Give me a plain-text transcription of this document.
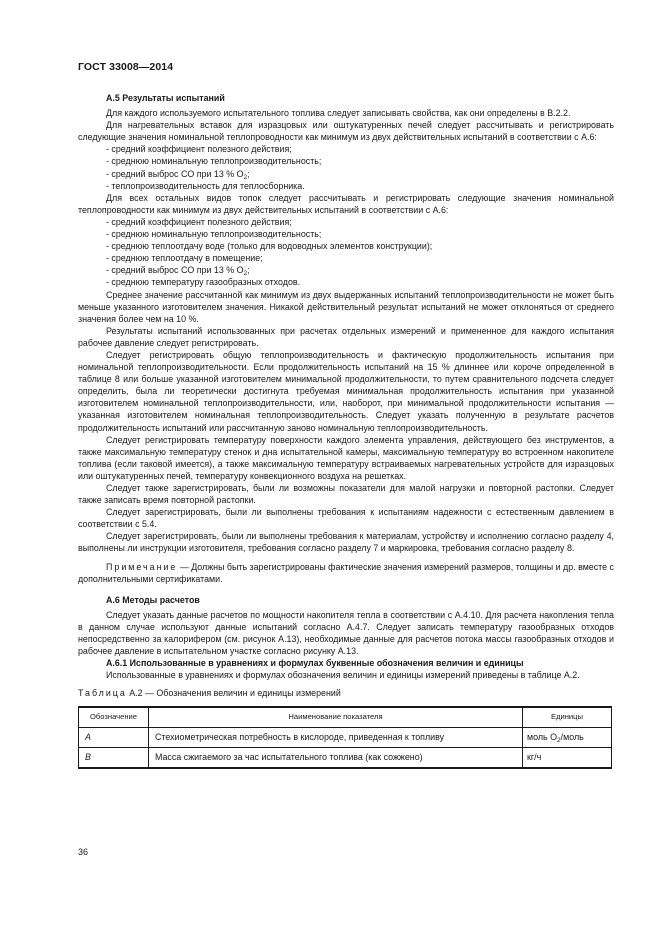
ГОСТ 33008—2014
А.5 Результаты испытаний

Для каждого используемого испытательного топлива следует записывать свойства, как они определены в В.2.2.

Для нагревательных вставок для изразцовых или оштукатуренных печей следует рассчитывать и регистрировать следующие значения номинальной теплопроводности как минимум из двух действительных испытаний в соответствии с А.6:

- средний коэффициент полезного действия;

- среднюю номинальную теплопроизводительность;

- средний выброс CO при 13 % $O_2$;

- теплопроизводительность для теплосборника.

Для всех остальных видов топок следует рассчитывать и регистрировать следующие значения номинальной теплопроводности как минимум из двух действительных испытаний в соответствии с А.6:

- средний коэффициент полезного действия;

- среднюю номинальную теплопроизводительность;

- среднюю теплоотдачу воде (только для водоводных элементов конструкции);

- среднюю теплоотдачу в помещение;

- средний выброс CO при 13 % $O_2$;

- среднюю температуру газообразных отходов.

Среднее значение рассчитанной как минимум из двух выдержанных испытаний теплопроизводительности не может быть меньше указанного изготовителем значения. Никакой действительный результат испытаний не может отклоняться от среднего значения более чем на 10 %.

Результаты испытаний использованных при расчетах отдельных измерений и примененное для каждого испытания рабочее давление следует регистрировать.

Следует регистрировать общую теплопроизводительность и фактическую продолжительность испытания при номинальной теплопроизводительности. Если продолжительность испытаний на 15 % длиннее или короче определенной в таблице 8 или больше указанной изготовителем минимальной продолжительности, то путем сравнительного подсчета следует определить, была ли теоретически достигнута требуемая минимальная продолжительность испытания при указанной изготовителем номинальной теплопроизводительности, или, наоборот, при минимальной продолжительности испытания — указанная изготовителем номинальная теплопроизводительность. Следует указать полученную в результате расчетов продолжительность испытаний или рассчитанную заново номинальную теплопроизводительность.

Следует регистрировать температуру поверхности каждого элемента управления, действующего без инструментов, а также максимальную температуру стенок и дна испытательной камеры, максимальную температуру во встроенном накопителе топлива (если таковой имеется), а также максимальную температуру встраиваемых нагревательных устройств для изразцовых или оштукатуренных печей, температуру конвекционного воздуха на решетках.

Следует также зарегистрировать, были ли возможны показатели для малой нагрузки и повторной растопки. Следует также записать время повторной растопки.

Следует зарегистрировать, были ли выполнены требования к испытаниям надежности с естественным давлением в соответствии с 5.4.

Следует зарегистрировать, были ли выполнены требования к материалам, устройству и исполнению согласно разделу 4, выполнены ли инструкции изготовителя, требования согласно разделу 7 и маркировка, требования согласно разделу 8.

Примечание — Должны быть зарегистрированы фактические значения измерений размеров, толщины и др. вместе с дополнительными сертификатами.

А.6 Методы расчетов

Следует указать данные расчетов по мощности накопителя тепла в соответствии с А.4.10. Для расчета накопления тепла в данном случае используют данные испытаний согласно А.4.7. Следует записать температуру газообразных отходов непосредственно за калорифером (см. рисунок А.13), необходимые данные для расчетов потока массы газообразных отходов и рабочее давление в испытательном участке согласно рисунку А.13.

А.6.1 Использованные в уравнениях и формулах буквенные обозначения величин и единицы

Использованные в уравнениях и формулах обозначения величин и единицы измерений приведены в таблице А.2.

Таблица А.2 — Обозначения величин и единицы измерений
Обозначение	Наименование показателя	Единицы
A	Стехиометрическая потребность в кислороде, приведенная к топливу	моль $O_2$/моль
B	Масса сжигаемого за час испытательного топлива (как сожжено)	кг/ч
36
